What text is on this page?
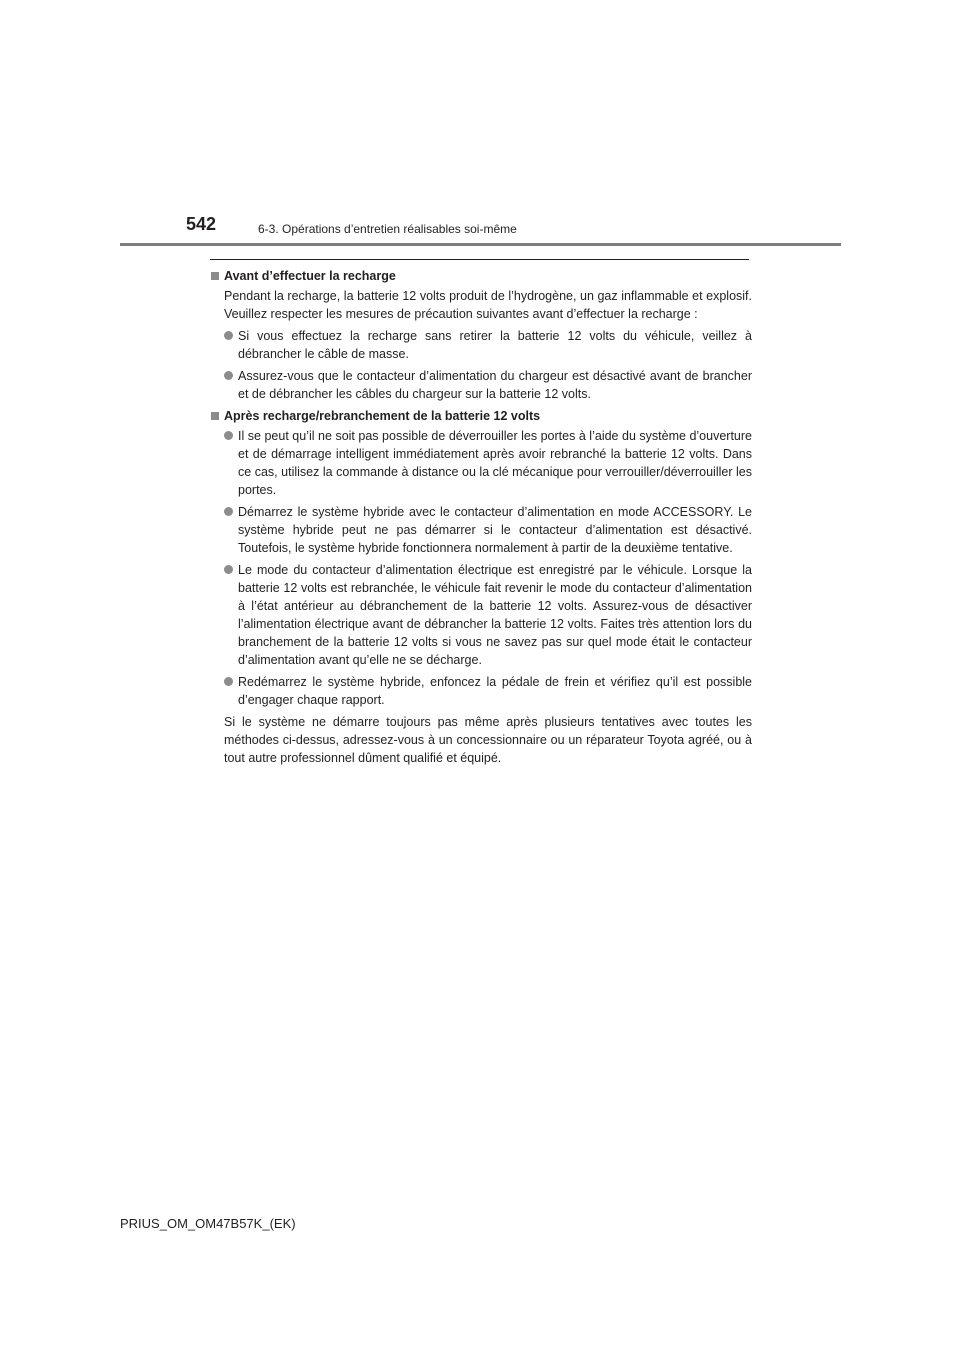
542	6-3. Opérations d’entretien réalisables soi-même
Avant d’effectuer la recharge
Pendant la recharge, la batterie 12 volts produit de l’hydrogène, un gaz inflammable et explosif. Veuillez respecter les mesures de précaution suivantes avant d’effectuer la recharge :
Si vous effectuez la recharge sans retirer la batterie 12 volts du véhicule, veillez à débrancher le câble de masse.
Assurez-vous que le contacteur d’alimentation du chargeur est désactivé avant de brancher et de débrancher les câbles du chargeur sur la batterie 12 volts.
Après recharge/rebranchement de la batterie 12 volts
Il se peut qu’il ne soit pas possible de déverrouiller les portes à l’aide du système d’ouverture et de démarrage intelligent immédiatement après avoir rebranché la batterie 12 volts. Dans ce cas, utilisez la commande à distance ou la clé mécanique pour verrouiller/déverrouiller les portes.
Démarrez le système hybride avec le contacteur d’alimentation en mode ACCESSORY. Le système hybride peut ne pas démarrer si le contacteur d’alimentation est désactivé. Toutefois, le système hybride fonctionnera normalement à partir de la deuxième tentative.
Le mode du contacteur d’alimentation électrique est enregistré par le véhicule. Lorsque la batterie 12 volts est rebranchée, le véhicule fait revenir le mode du contacteur d’alimentation à l’état antérieur au débranchement de la batterie 12 volts. Assurez-vous de désactiver l’alimentation électrique avant de débrancher la batterie 12 volts. Faites très attention lors du branchement de la batterie 12 volts si vous ne savez pas sur quel mode était le contacteur d’alimentation avant qu’elle ne se décharge.
Redémarrez le système hybride, enfoncez la pédale de frein et vérifiez qu’il est possible d’engager chaque rapport.
Si le système ne démarre toujours pas même après plusieurs tentatives avec toutes les méthodes ci-dessus, adressez-vous à un concessionnaire ou un réparateur Toyota agréé, ou à tout autre professionnel dûment qualifié et équipé.
PRIUS_OM_OM47B57K_(EK)
